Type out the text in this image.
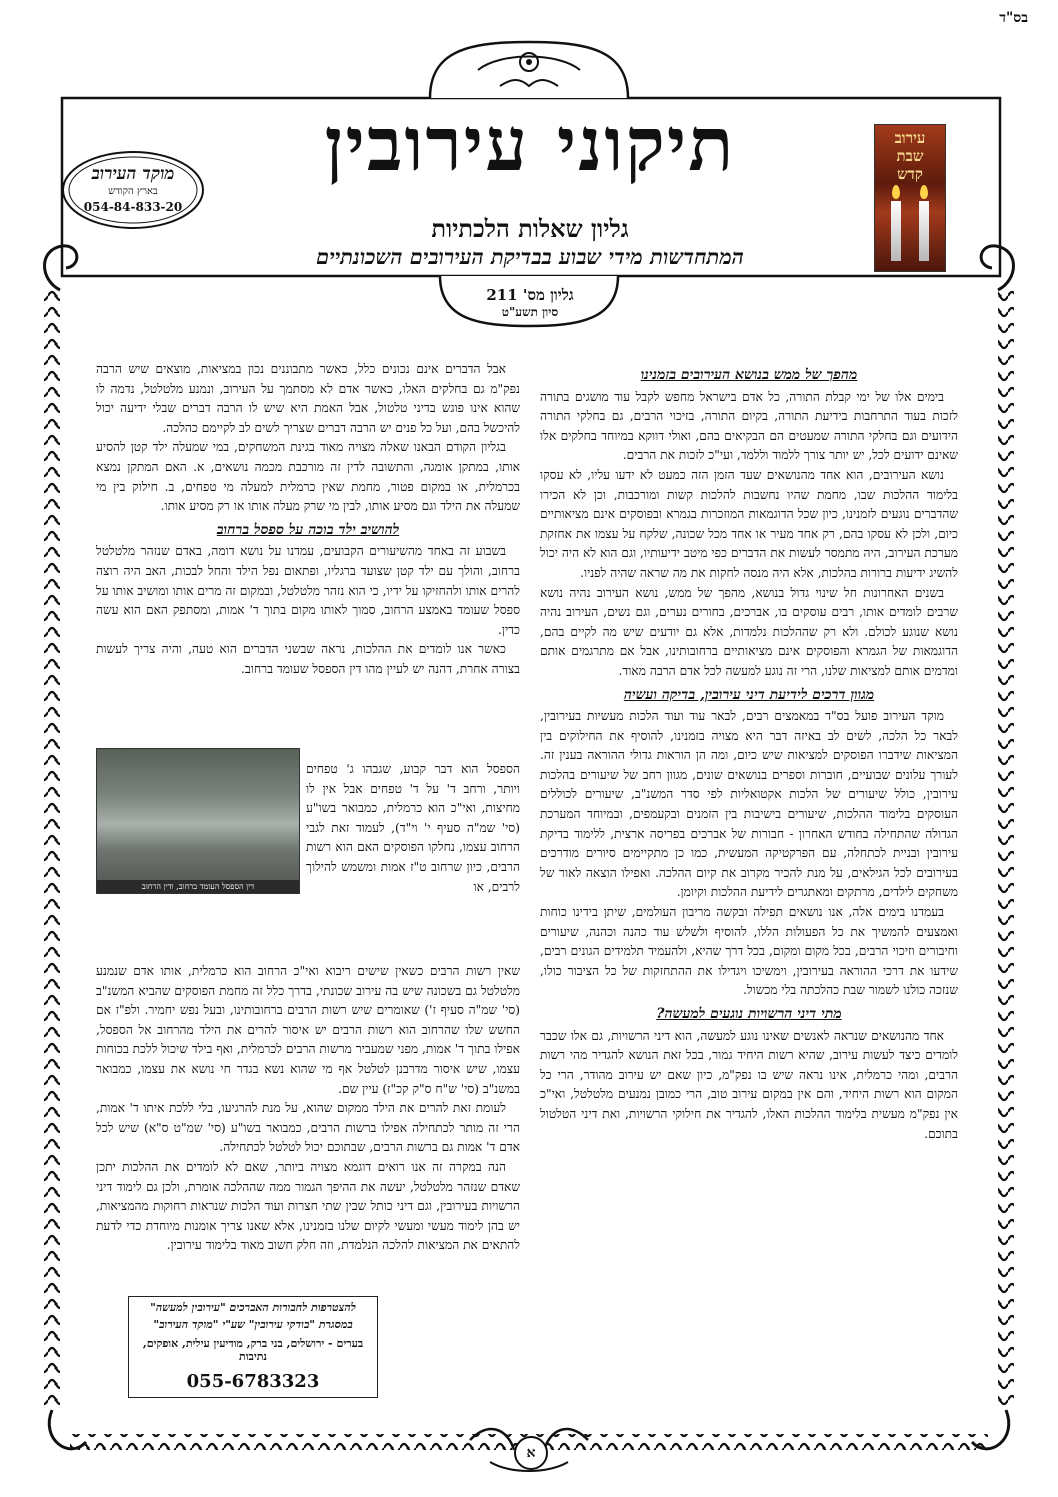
בס"ד
תיקוני עירובין
גליון שאלות הלכתיות
המתחדשות מידי שבוע בבדיקת העירובים השכונתיים
גליון מס' 211
סיון תשע"ט
מוקד העירוב
בארץ הקודש
054-84-833-20
עירוב
שבת
קדש
מהפך של ממש בנושא העירובים בזמנינו

בימים אלו של ימי קבלת התורה, כל אדם בישראל מחפש לקבל עוד מושגים בתורה לזכות בעוד התרחבות בידיעת התורה, בקיום התורה, בזיכוי הרבים, גם בחלקי התורה הידועים וגם בחלקי התורה שמעטים הם הבקיאים בהם, ואולי דווקא במיוחד בחלקים אלו שאינם ידועים לכל, יש יותר צורך ללמוד וללמד, ועי"כ לזכות את הרבים.

נושא העירובים, הוא אחד מהנושאים שעד הזמן הזה כמעט לא ידעו עליו, לא עסקו בלימוד ההלכות שבו, מחמת שהיו נחשבות להלכות קשות ומורכבות, וכן לא הכירו שהדברים נוגעים לזמנינו, כיון שכל הדוגמאות המוזכרות בגמרא ובפוסקים אינם מציאותיים כיום, ולכן לא עסקו בהם, רק אחד מעיר או אחד מכל שכונה, שלקח על עצמו את אחזקת מערכת העירוב, היה מתמסר לעשות את הדברים כפי מיטב ידיעותיו, וגם הוא לא היה יכול להשיג ידיעות ברורות בהלכות, אלא היה מנסה לחקות את מה שראה שהיה לפניו.

בשנים האחרונות חל שינוי גדול בנושא, מהפך של ממש, נושא העירוב נהיה נושא שרבים לומדים אותו, רבים עוסקים בו, אברכים, בחורים נערים, וגם נשים, העירוב נהיה נושא שנוגע לכולם. ולא רק שההלכות נלמדות, אלא גם יודעים שיש מה לקיים בהם, הדוגמאות של הגמרא והפוסקים אינם מציאותיים ברחובותינו, אבל אם מתרגמים אותם ומדמים אותם למציאות שלנו, הרי זה נוגע למעשה לכל אדם הרבה מאוד.

מגוון דרכים לידיעת דיני עירובין, בדיקה ועשיה

מוקד העירוב פועל בס"ד במאמצים רבים, לבאר עוד ועוד הלכות מעשיות בעירובין, לבאר כל הלכה, לשים לב באיזה דבר היא מצויה בזמנינו, להוסיף את החילוקים בין המציאות שידברו הפוסקים למציאות שיש כיום, ומה הן הוראות גדולי ההוראה בענין זה. לעורך עלונים שבועיים, חוברות וספרים בנושאים שונים, מגוון רחב של שיעורים בהלכות עירובין, כולל שיעורים של הלכות אקטואליות לפי סדר המשנ"ב, שיעורים לכוללים העוסקים בלימוד ההלכות, שיעורים בישיבות בין הזמנים ובקעמפים, ובמיוחד המערכת הגדולה שהתחילה בחודש האחרון - חבורות של אברכים בפריסה ארצית, ללימוד בדיקת עירובין ובניית לכתחלה, עם הפרקטיקה המעשית, כמו כן מתקיימים סיורים מודרכים בעירובים לכל הגילאים, על מנת להכיר מקרוב את קיום ההלכה. ואפילו הוצאה לאור של משחקים לילדים, מרתקים ומאתגרים לידיעת ההלכות וקיומן.

בעמדנו בימים אלה, אנו נושאים תפילה ובקשה מריבון העולמים, שיתן בידינו כוחות ואמצעים להמשיך את כל הפעולות הללו, להוסיף ולשלש עוד כהנה וכהנה, שיעורים וחיבורים וזיכוי הרבים, בכל מקום ומקום, בכל דרך שהיא, ולהעמיד תלמידים הגונים רבים, שידעו את דרכי ההוראה בעירובין, וימשיכו ויגדילו את ההתחזקות של כל הציבור כולו, שנזכה כולנו לשמור שבת כהלכתה בלי מכשול.

מתי דיני הרשויות נוגעים למעשה?

אחד מהנושאים שנראה לאנשים שאינו נוגע למעשה, הוא דיני הרשויות, גם אלו שכבר לומדים כיצד לעשות עירוב, שהיא רשות היחיד גמור, בכל זאת הנושא להגדיר מהי רשות הרבים, ומהי כרמלית, אינו נראה שיש בו נפק"מ, כיון שאם יש עירוב מהודר, הרי כל המקום הוא רשות היחיד, והם אין במקום עירוב טוב, הרי כמובן נמנעים מלטלטל, ואי"כ אין נפק"מ מעשית בלימוד ההלכות האלו, להגדיר את חילוקי הרשויות, ואת דיני הטלטול בתוכם.

אבל הדברים אינם נכונים כלל, כאשר מתבוננים נכון במציאות, מוצאים שיש הרבה נפק"מ גם בחלקים האלו, כאשר אדם לא מסתמך על העירוב, ונמנע מלטלטל, נדמה לו שהוא אינו פוגש בדיני טלטול, אבל האמת היא שיש לו הרבה דברים שבלי ידיעה יכול להיכשל בהם, ועל כל פנים יש הרבה דברים שצריך לשים לב לקיימם כהלכה.

בגליון הקודם הבאנו שאלה מצויה מאוד בגינת המשחקים, במי שמעלה ילד קטן להסיע אותו, במתקן אומגה, והתשובה לדין זה מורכבת מכמה נושאים, א. האם המתקן נמצא בכרמלית, או במקום פטור, מחמת שאין כרמלית למעלה מי טפחים, ב. חילוק בין מי שמעלה את הילד וגם מסיע אותו, לבין מי שרק מעלה אותו או רק מסיע אותו.

להושיב ילד בוכה על ספסל ברחוב

בשבוע זה באחד מהשיעורים הקבועים, עמדנו על נושא דומה, באדם שנזהר מלטלטל ברחוב, והולך עם ילד קטן שצועד ברגליו, ופתאום נפל הילד והחל לבכות, האב היה רוצה להרים אותו ולהחזיקו על ידיו, כי הוא נזהר מלטלטל, ובמקום זה מרים אותו ומושיב אותו על ספסל שעומד באמצע הרחוב, סמוך לאותו מקום בתוך ד' אמות, ומסתפק האם הוא עשה כדין.

כאשר אנו לומדים את ההלכות, נראה שבשני הדברים הוא טעה, והיה צריך לעשות בצורה אחרת, דהנה יש לעיין מהו דין הספסל שעומד ברחוב.

דין הספסל העומד ברחוב, ודין הרחוב

הספסל הוא דבר קבוע, שגבהו ג' טפחים ויותר, ורחב ד' על ד' טפחים אבל אין לו מחיצות, ואי"כ הוא כרמלית, כמבואר בשו"ע (סי' שמ"ה סעיף י' וי"ד), לעמוד זאת לגבי הרחוב עצמו, נחלקו הפוסקים האם הוא רשות הרבים, כיון שרחוב ט"ז אמות ומשמש להילוך לרבים, או

שאין רשות הרבים כשאין שישים ריבוא ואי"כ הרחוב הוא כרמלית, אותו אדם שנמנע מלטלטל גם בשכונה שיש בה עירוב שכונתי, בדרך כלל זה מחמת הפוסקים שהביא המשנ"ב (סי' שמ"ה סעיף ז') שאומרים שיש רשות הרבים ברחובותינו, ובעל נפש יחמיר. ולפ"ז אם החשש שלו שהרחוב הוא רשות הרבים יש איסור להרים את הילד מהרחוב אל הספסל, אפילו בתוך ד' אמות, מפני שמעביר מרשות הרבים לכרמלית, ואף בילד שיכול ללכת בכוחות עצמו, שיש איסור מדרבנן לטלטל אף מי שהוא נשא בגדר חי נושא את עצמו, כמבואר במשנ"ב (סי' ש"ח ס"ק קכ"ז) עיין שם.

לעומת זאת להרים את הילד ממקום שהוא, על מנת להרגיעו, בלי ללכת איתו ד' אמות, הרי זה מותר לכתחילה אפילו ברשות הרבים, כמבואר בשו"ע (סי' שמ"ט ס"א) שיש לכל אדם ד' אמות גם ברשות הרבים, שבתוכם יכול לטלטל לכתחילה.

הנה במקרה זה אנו רואים דוגמא מצויה ביותר, שאם לא לומדים את ההלכות יתכן שאדם שנזהר מלטלטל, יעשה את ההיפך הגמור ממה שההלכה אומרת, ולכן גם לימוד דיני הרשויות בעירובין, וגם דיני כותל שבין שתי חצרות ועוד הלכות שנראות רחוקות מהמציאות, יש בהן לימוד מעשי ומעשי לקיום שלנו בזמנינו, אלא שאנו צריך אומנות מיוחדת כדי לדעת להתאים את המציאות להלכה הנלמדת, וזה חלק חשוב מאוד בלימוד עירובין.

להצטרפות לחבורות האברכים "עירובין למעשה"
במסגרת "בודקי עירובין" שע"י "מוקד העירוב"
בערים - ירושלים, בני ברק, מודיעין עילית, אופקים, נתיבות
055-6783323
א
